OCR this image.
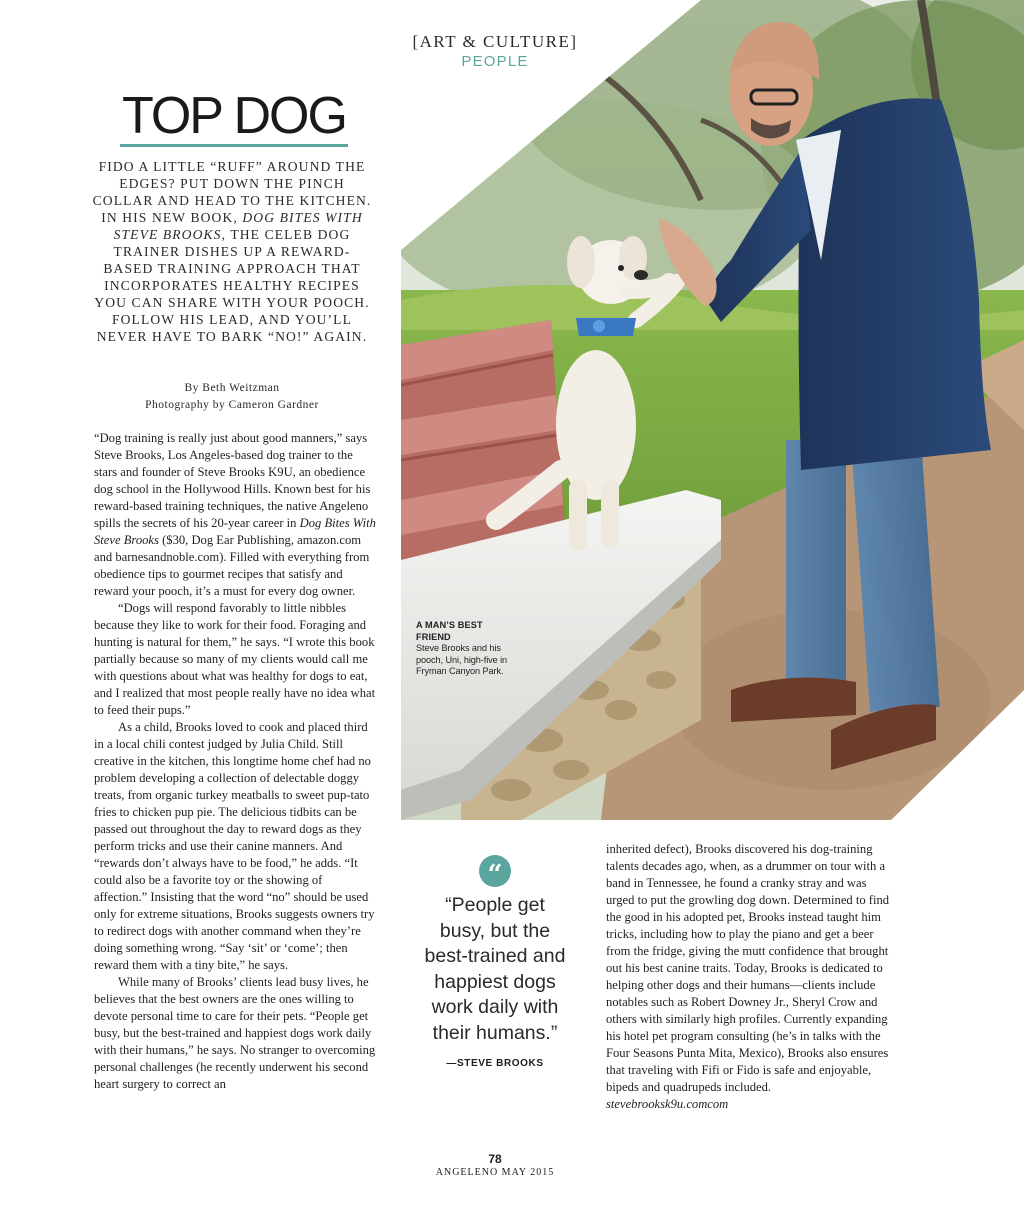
[ART & CULTURE]
PEOPLE
TOP DOG
FIDO A LITTLE “RUFF” AROUND THE EDGES? PUT DOWN THE PINCH COLLAR AND HEAD TO THE KITCHEN. IN HIS NEW BOOK, DOG BITES WITH STEVE BROOKS, THE CELEB DOG TRAINER DISHES UP A REWARD-BASED TRAINING APPROACH THAT INCORPORATES HEALTHY RECIPES YOU CAN SHARE WITH YOUR POOCH. FOLLOW HIS LEAD, AND YOU’LL NEVER HAVE TO BARK “NO!” AGAIN.
By Beth Weitzman
Photography by Cameron Gardner

“Dog training is really just about good manners,” says Steve Brooks, Los Angeles-based dog trainer to the stars and founder of Steve Brooks K9U, an obedience dog school in the Hollywood Hills. Known best for his reward-based training techniques, the native Angeleno spills the secrets of his 20-year career in Dog Bites With Steve Brooks ($30, Dog Ear Publishing, amazon.com and barnesandnoble.com). Filled with everything from obedience tips to gourmet recipes that satisfy and reward your pooch, it’s a must for every dog owner.

“Dogs will respond favorably to little nibbles because they like to work for their food. Foraging and hunting is natural for them,” he says. “I wrote this book partially because so many of my clients would call me with questions about what was healthy for dogs to eat, and I realized that most people really have no idea what to feed their pups.”

As a child, Brooks loved to cook and placed third in a local chili contest judged by Julia Child. Still creative in the kitchen, this longtime home chef had no problem developing a collection of delectable doggy treats, from organic turkey meatballs to sweet pup-tato fries to chicken pup pie. The delicious tidbits can be passed out throughout the day to reward dogs as they perform tricks and use their canine manners. And “rewards don’t always have to be food,” he adds. “It could also be a favorite toy or the showing of affection.” Insisting that the word “no” should be used only for extreme situations, Brooks suggests owners try to redirect dogs with another command when they’re doing something wrong. “Say ‘sit’ or ‘come’; then reward them with a tiny bite,” he says.

While many of Brooks’ clients lead busy lives, he believes that the best owners are the ones willing to devote personal time to care for their pets. “People get busy, but the best-trained and happiest dogs work daily with their humans,” he says. No stranger to overcoming personal challenges (he recently underwent his second heart surgery to correct an

A MAN’S BEST FRIEND
Steve Brooks and his pooch, Uni, high-five in Fryman Canyon Park.
“
“People get busy, but the best-trained and happiest dogs work daily with their humans.”
—STEVE BROOKS

inherited defect), Brooks discovered his dog-training talents decades ago, when, as a drummer on tour with a band in Tennessee, he found a cranky stray and was urged to put the growling dog down. Determined to find the good in his adopted pet, Brooks instead taught him tricks, including how to play the piano and get a beer from the fridge, giving the mutt confidence that brought out his best canine traits. Today, Brooks is dedicated to helping other dogs and their humans—clients include notables such as Robert Downey Jr., Sheryl Crow and others with similarly high profiles. Currently expanding his hotel pet program consulting (he’s in talks with the Four Seasons Punta Mita, Mexico), Brooks also ensures that traveling with Fifi or Fido is safe and enjoyable, bipeds and quadrupeds included.

stevebrooksk9u.comcom

78
ANGELENO MAY 2015
